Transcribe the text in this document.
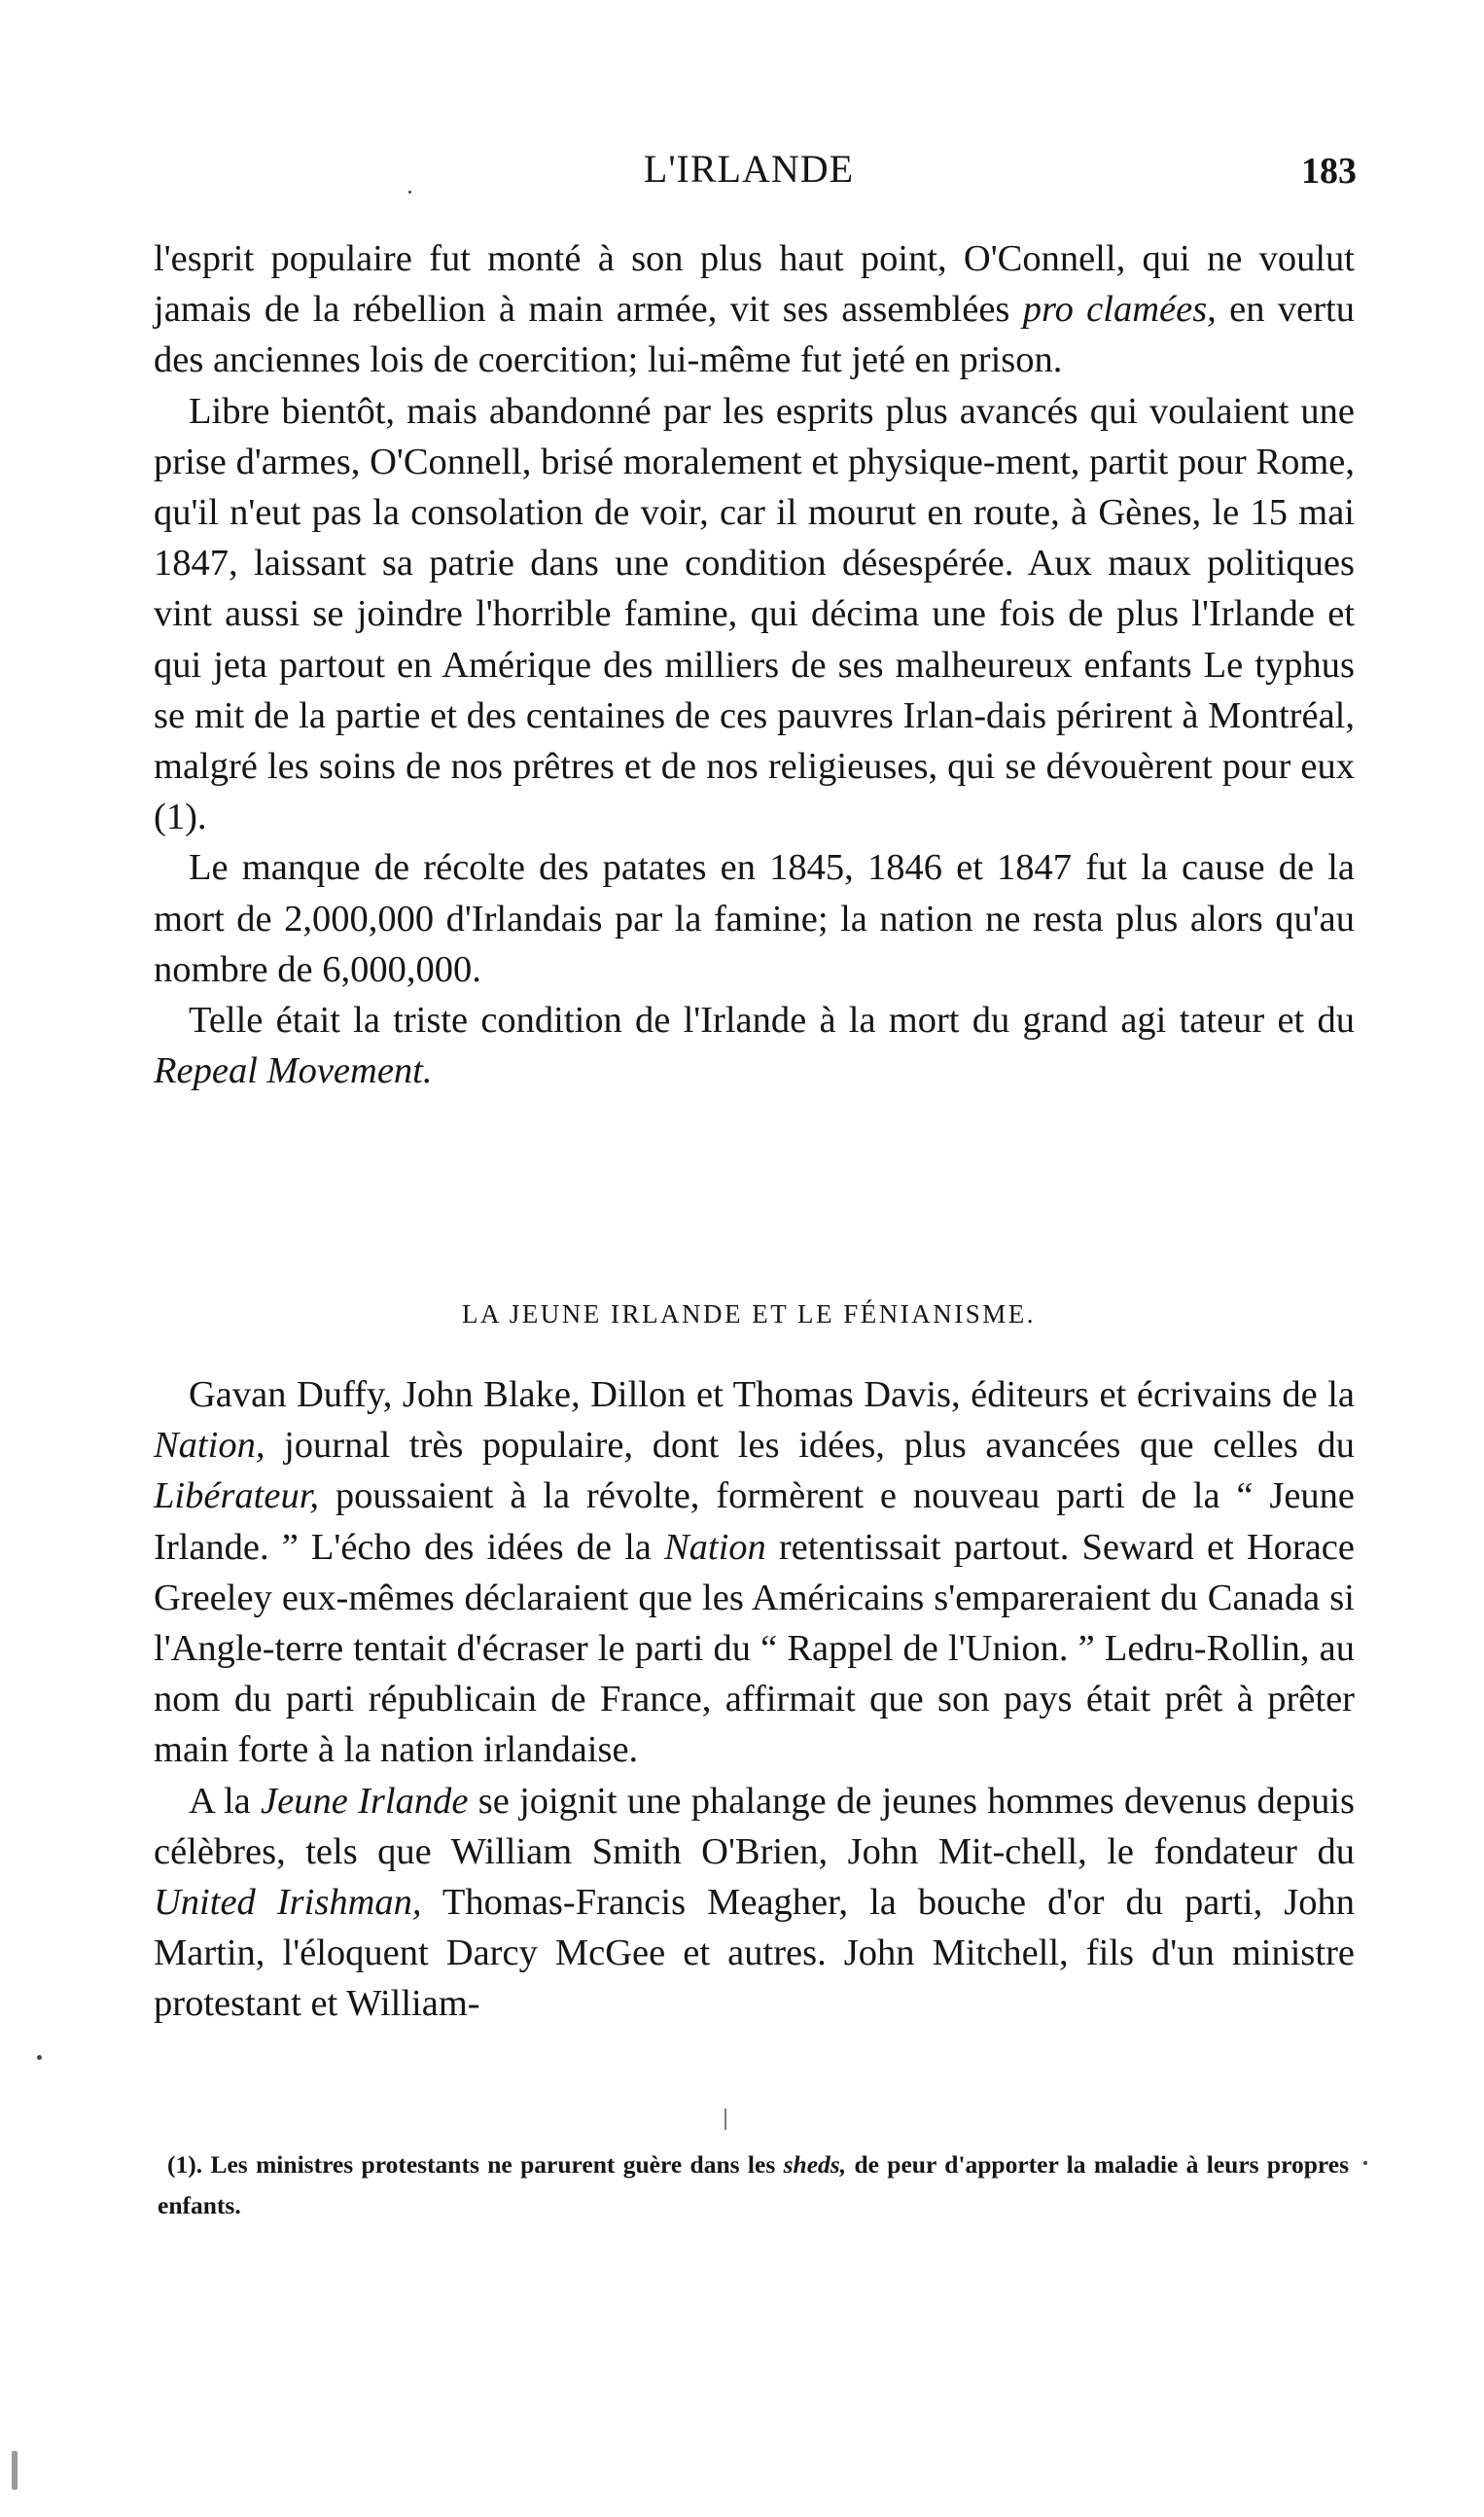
L'IRLANDE	183

l'esprit populaire fut monté à son plus haut point, O'Connell, qui ne voulut jamais de la rébellion à main armée, vit ses assemblées pro clamées, en vertu des anciennes lois de coercition; lui-même fut jeté en prison.

Libre bientôt, mais abandonné par les esprits plus avancés qui voulaient une prise d'armes, O'Connell, brisé moralement et physique-ment, partit pour Rome, qu'il n'eut pas la consolation de voir, car il mourut en route, à Gènes, le 15 mai 1847, laissant sa patrie dans une condition désespérée. Aux maux politiques vint aussi se joindre l'horrible famine, qui décima une fois de plus l'Irlande et qui jeta partout en Amérique des milliers de ses malheureux enfants Le typhus se mit de la partie et des centaines de ces pauvres Irlan-dais périrent à Montréal, malgré les soins de nos prêtres et de nos religieuses, qui se dévouèrent pour eux (1).

Le manque de récolte des patates en 1845, 1846 et 1847 fut la cause de la mort de 2,000,000 d'Irlandais par la famine; la nation ne resta plus alors qu'au nombre de 6,000,000.

Telle était la triste condition de l'Irlande à la mort du grand agi tateur et du Repeal Movement.

LA JEUNE IRLANDE ET LE FÉNIANISME.

Gavan Duffy, John Blake, Dillon et Thomas Davis, éditeurs et écrivains de la Nation, journal très populaire, dont les idées, plus avancées que celles du Libérateur, poussaient à la révolte, formèrent e nouveau parti de la “ Jeune Irlande. ” L'écho des idées de la Nation retentissait partout. Seward et Horace Greeley eux-mêmes déclaraient que les Américains s'empareraient du Canada si l'Angle-terre tentait d'écraser le parti du “ Rappel de l'Union. ” Ledru-Rollin, au nom du parti républicain de France, affirmait que son pays était prêt à prêter main forte à la nation irlandaise.

A la Jeune Irlande se joignit une phalange de jeunes hommes devenus depuis célèbres, tels que William Smith O'Brien, John Mit-chell, le fondateur du United Irishman, Thomas-Francis Meagher, la bouche d'or du parti, John Martin, l'éloquent Darcy McGee et autres. John Mitchell, fils d'un ministre protestant et William-

(1). Les ministres protestants ne parurent guère dans les sheds, de peur d'apporter la maladie à leurs propres enfants.
